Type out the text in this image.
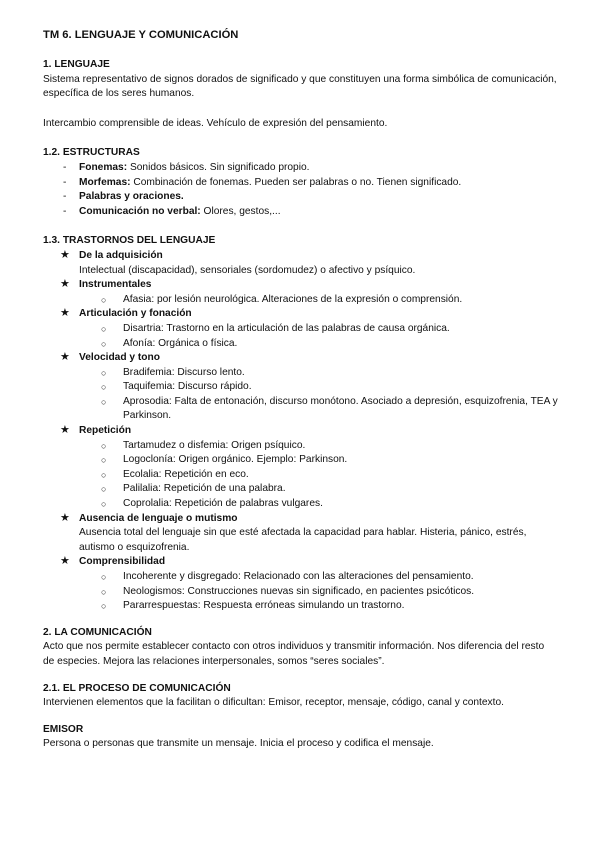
TM 6. LENGUAJE Y COMUNICACIÓN
1. LENGUAJE

Sistema representativo de signos dorados de significado y que constituyen una forma simbólica de comunicación, específica de los seres humanos.

Intercambio comprensible de ideas. Vehículo de expresión del pensamiento.

1.2. ESTRUCTURAS
- Fonemas: Sonidos básicos. Sin significado propio.
- Morfemas: Combinación de fonemas. Pueden ser palabras o no. Tienen significado.
- Palabras y oraciones.
- Comunicación no verbal: Olores, gestos,...
1.3. TRASTORNOS DEL LENGUAJE
★ De la adquisición
Intelectual (discapacidad), sensoriales (sordomudez) o afectivo y psíquico.
★ Instrumentales
○ Afasia: por lesión neurológica. Alteraciones de la expresión o comprensión.
★ Articulación y fonación
○ Disartria: Trastorno en la articulación de las palabras de causa orgánica.
○ Afonía: Orgánica o física.
★ Velocidad y tono
○ Bradifemia: Discurso lento.
○ Taquifemia: Discurso rápido.
○ Aprosodia: Falta de entonación, discurso monótono. Asociado a depresión, esquizofrenia, TEA y Parkinson.
★ Repetición
○ Tartamudez o disfemia: Origen psíquico.
○ Logoclonía: Origen orgánico. Ejemplo: Parkinson.
○ Ecolalia: Repetición en eco.
○ Palilalia: Repetición de una palabra.
○ Coprolalia: Repetición de palabras vulgares.
★ Ausencia de lenguaje o mutismo
Ausencia total del lenguaje sin que esté afectada la capacidad para hablar. Histeria, pánico, estrés, autismo o esquizofrenia.
★ Comprensibilidad
○ Incoherente y disgregado: Relacionado con las alteraciones del pensamiento.
○ Neologismos: Construcciones nuevas sin significado, en pacientes psicóticos.
○ Pararrespuestas: Respuesta erróneas simulando un trastorno.
2. LA COMUNICACIÓN

Acto que nos permite establecer contacto con otros individuos y transmitir información. Nos diferencia del resto de especies. Mejora las relaciones interpersonales, somos “seres sociales”.

2.1. EL PROCESO DE COMUNICACIÓN

Intervienen elementos que la facilitan o dificultan: Emisor, receptor, mensaje, código, canal y contexto.

EMISOR

Persona o personas que transmite un mensaje. Inicia el proceso y codifica el mensaje.
